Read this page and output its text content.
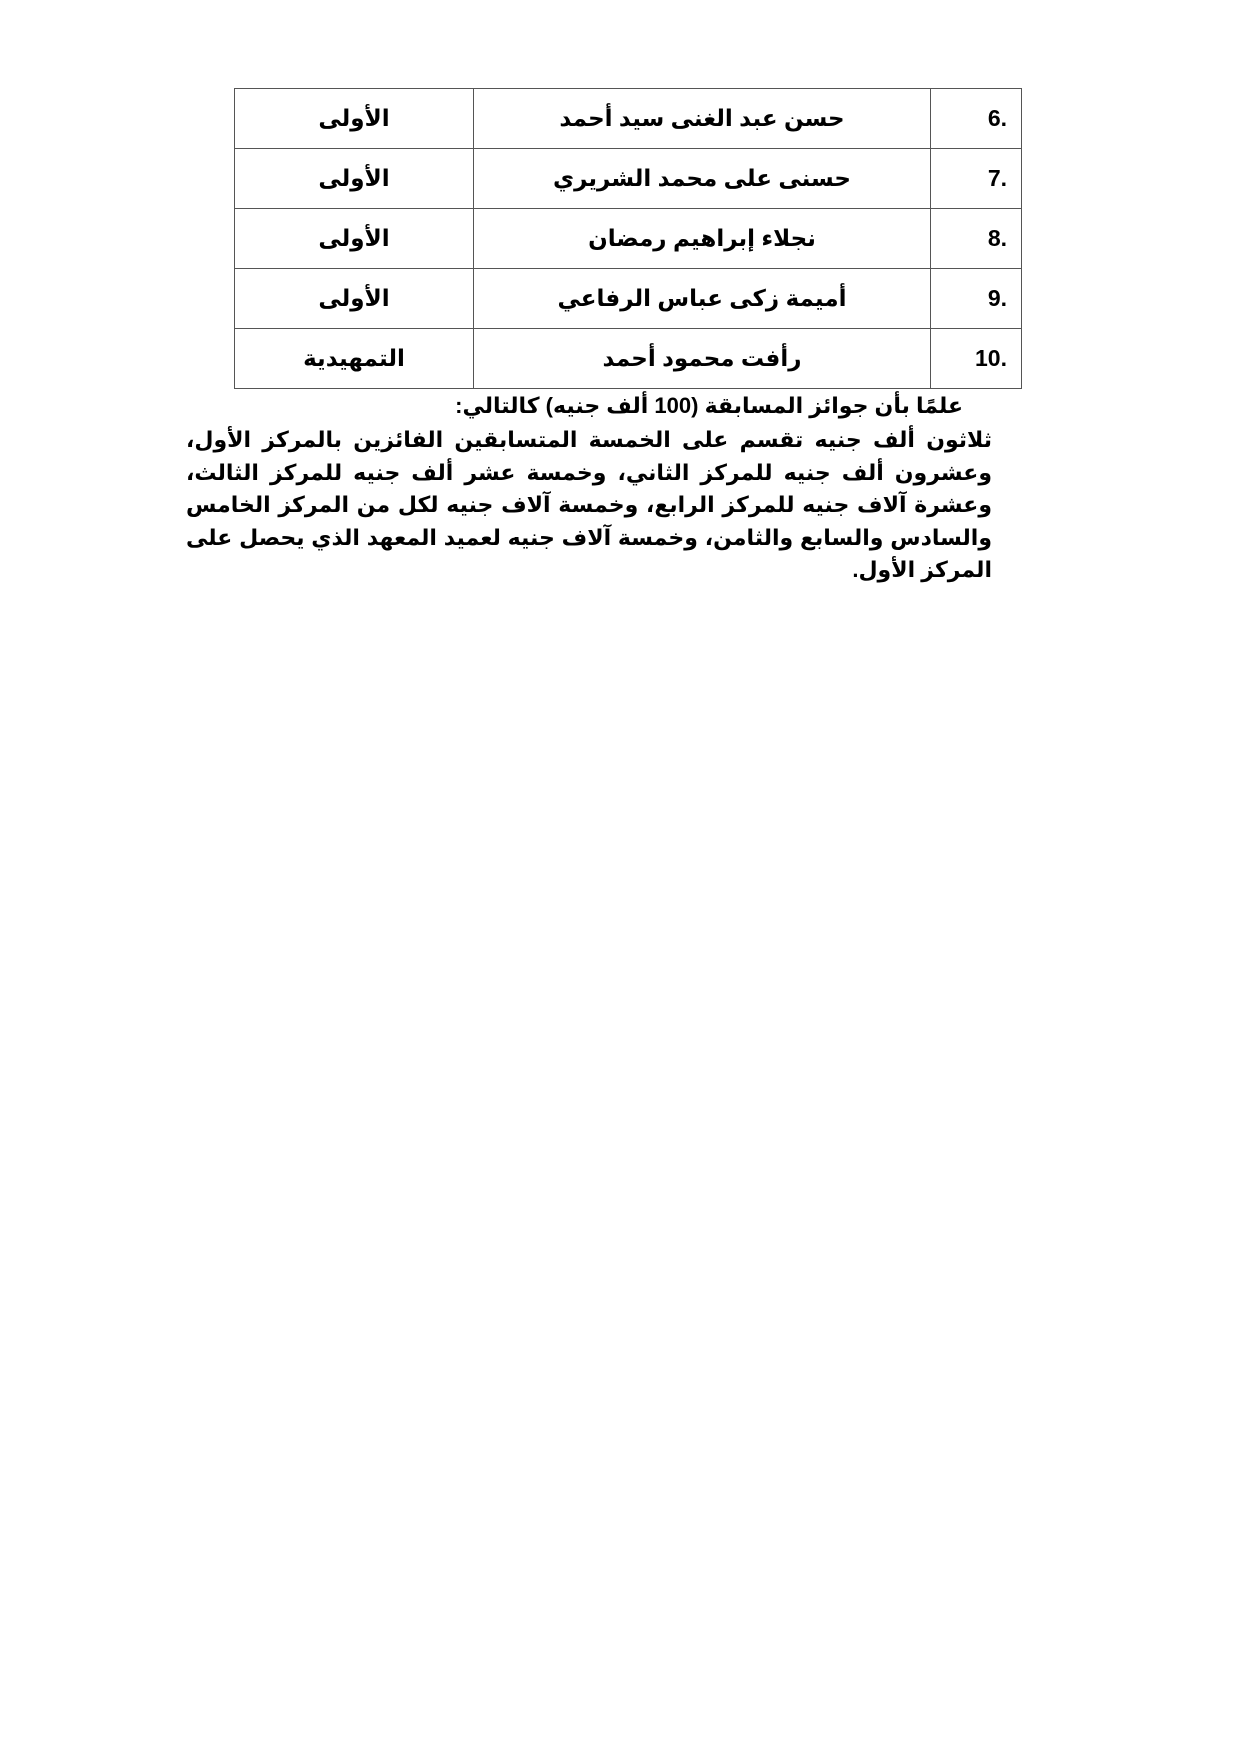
6.	حسن عبد الغنى سيد أحمد	الأولى
7.	حسنى على محمد الشريري	الأولى
8.	نجلاء إبراهيم رمضان	الأولى
9.	أميمة زكى عباس الرفاعي	الأولى
10.	رأفت محمود أحمد	التمهيدية
علمًا بأن جوائز المسابقة (100 ألف جنيه) كالتالي:
ثلاثون ألف جنيه تقسم على الخمسة المتسابقين الفائزين بالمركز الأول، وعشرون ألف جنيه للمركز الثاني، وخمسة عشر ألف جنيه للمركز الثالث، وعشرة آلاف جنيه للمركز الرابع، وخمسة آلاف جنيه لكل من المركز الخامس والسادس والسابع والثامن، وخمسة آلاف جنيه لعميد المعهد الذي يحصل على المركز الأول.
